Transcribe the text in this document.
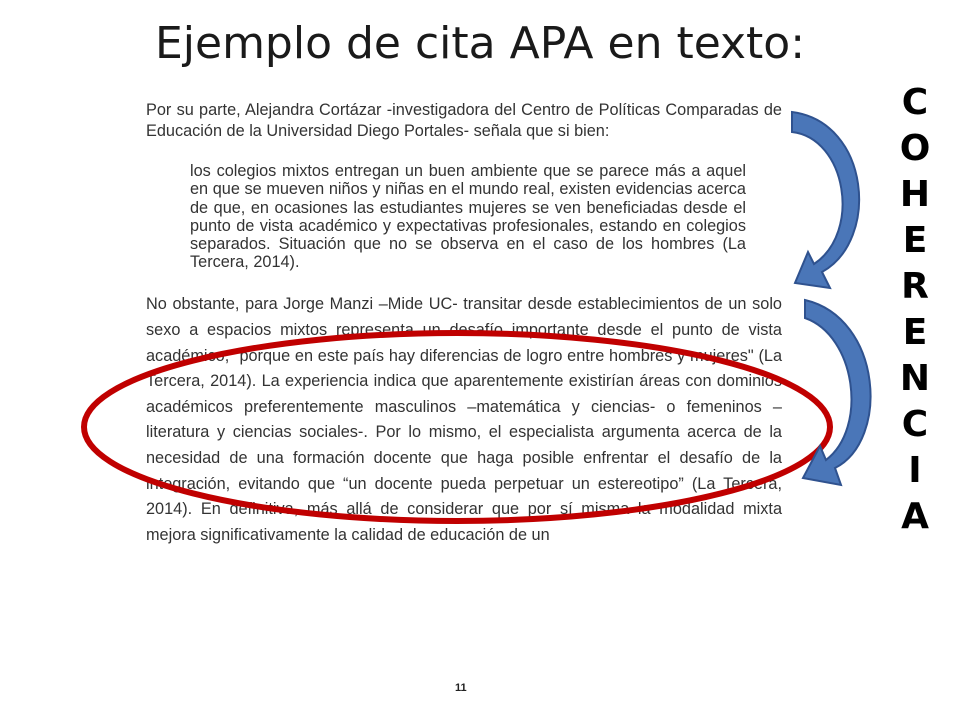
Ejemplo de cita APA en texto:

Por su parte, Alejandra Cortázar -investigadora del Centro de Políticas Comparadas de Educación de la Universidad Diego Portales- señala que si bien:

los colegios mixtos entregan un buen ambiente que se parece más a aquel en que se mueven niños y niñas en el mundo real, existen evidencias acerca de que, en ocasiones las estudiantes mujeres se ven beneficiadas desde el punto de vista académico y expectativas profesionales, estando en colegios separados. Situación que no se observa en el caso de los hombres (La Tercera, 2014).

No obstante, para Jorge Manzi –Mide UC- transitar desde establecimientos de un solo sexo a espacios mixtos representa un desafío importante desde el punto de vista académico, “porque en este país hay diferencias de logro entre hombres y mujeres" (La Tercera, 2014). La experiencia indica que aparentemente existirían áreas con dominios académicos preferentemente masculinos –matemática y ciencias- o femeninos –literatura y ciencias sociales-. Por lo mismo, el especialista argumenta acerca de la necesidad de una formación docente que haga posible enfrentar el desafío de la integración, evitando que “un docente pueda perpetuar un estereotipo” (La Tercera, 2014). En definitiva, más allá de considerar que por sí misma la modalidad mixta mejora significativamente la calidad de educación de un

11
C
O
H
E
R
E
N
C
I
A
